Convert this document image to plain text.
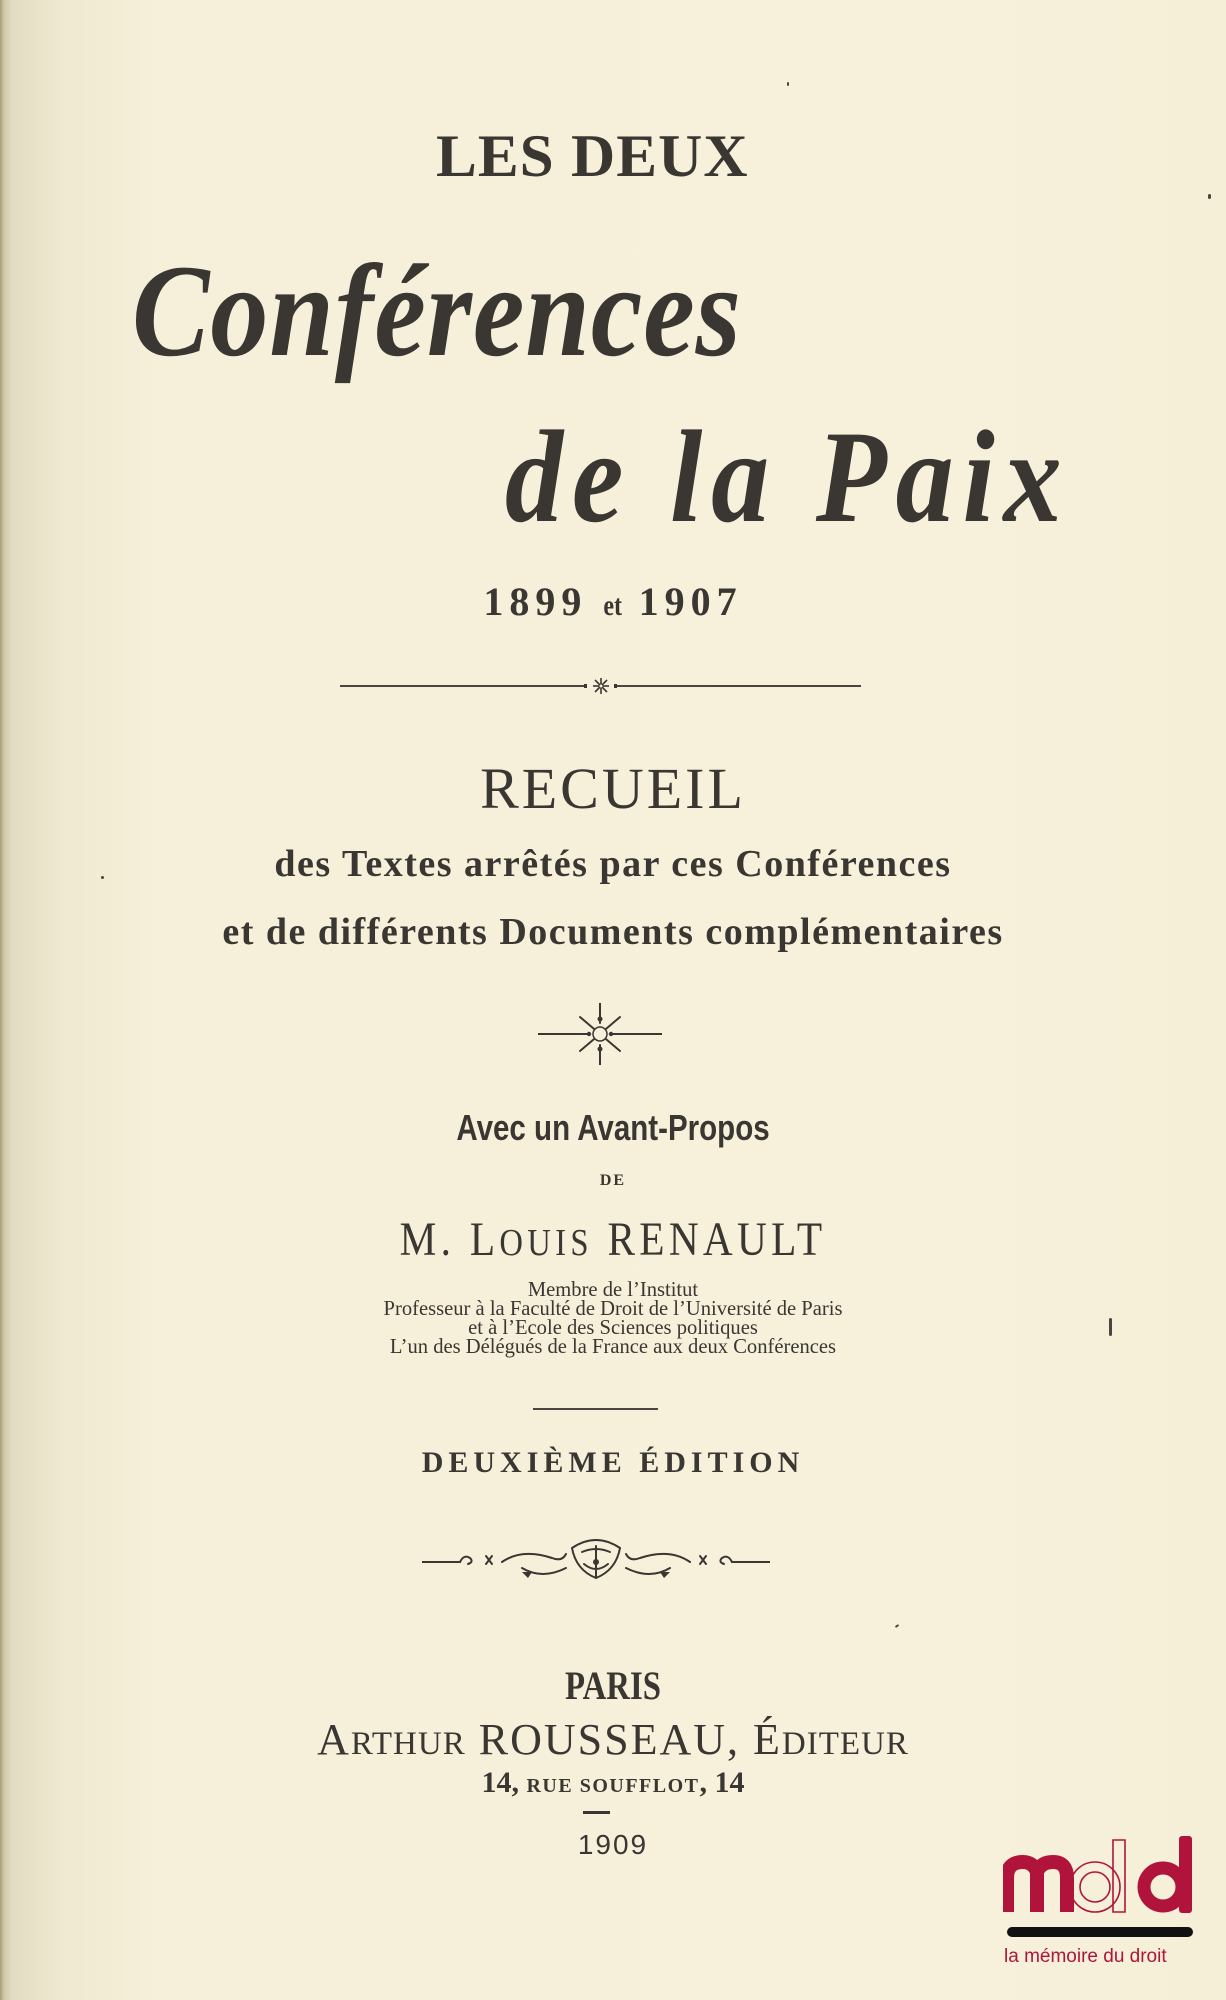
LES DEUX
Conférences
de la Paix
1899 et 1907
RECUEIL
des Textes arrêtés par ces Conférences
et de différents Documents complémentaires
Avec un Avant-Propos
DE
M. LOUIS RENAULT
Membre de l’Institut
Professeur à la Faculté de Droit de l’Université de Paris
et à l’Ecole des Sciences politiques
L’un des Délégués de la France aux deux Conférences
DEUXIÈME ÉDITION
PARIS
ARTHUR ROUSSEAU, ÉDITEUR
14, RUE SOUFFLOT, 14
1909
la mémoire du droit
